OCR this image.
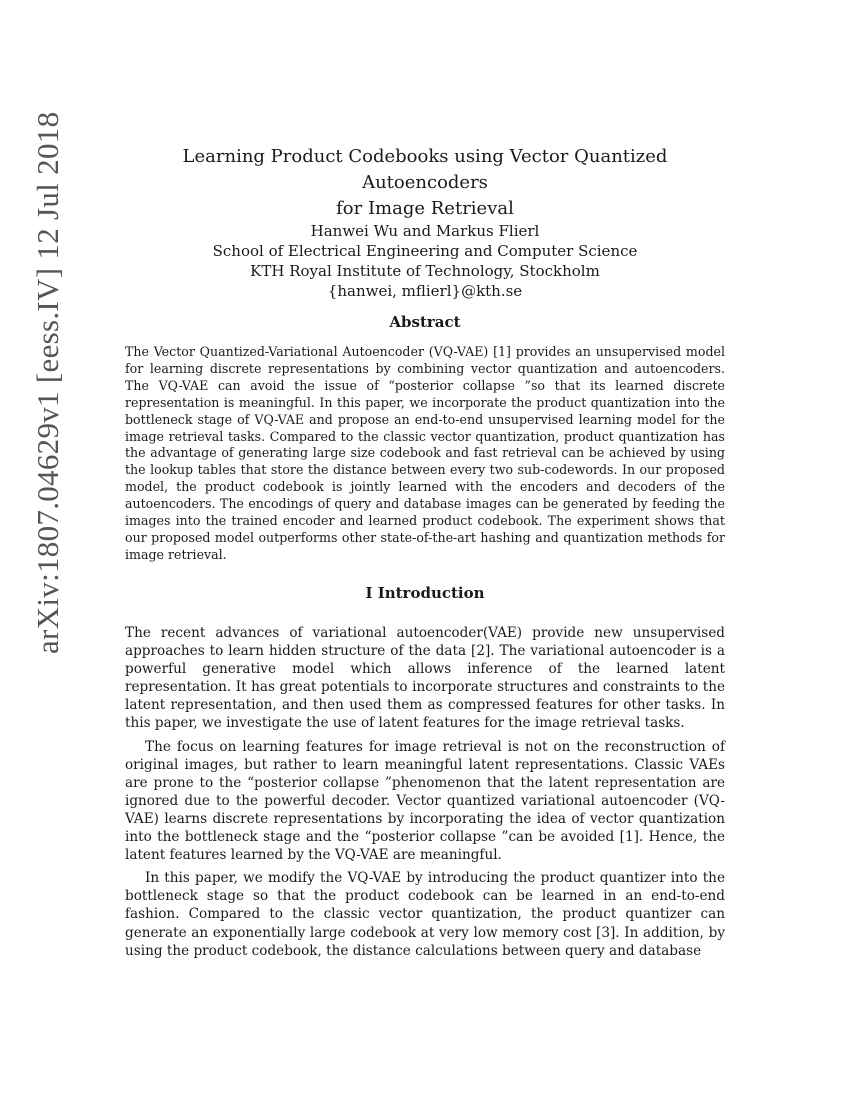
arXiv:1807.04629v1 [eess.IV] 12 Jul 2018	Learning Product Codebooks using Vector Quantized Autoencoders
for Image Retrieval
Hanwei Wu and Markus Flierl
School of Electrical Engineering and Computer Science
KTH Royal Institute of Technology, Stockholm
{hanwei, mflierl}@kth.se
Abstract

The Vector Quantized-Variational Autoencoder (VQ-VAE) [1] provides an unsupervised model for learning discrete representations by combining vector quantization and autoencoders. The VQ-VAE can avoid the issue of “posterior collapse ”so that its learned discrete representation is meaningful. In this paper, we incorporate the product quantization into the bottleneck stage of VQ-VAE and propose an end-to-end unsupervised learning model for the image retrieval tasks. Compared to the classic vector quantization, product quantization has the advantage of generating large size codebook and fast retrieval can be achieved by using the lookup tables that store the distance between every two sub-codewords. In our proposed model, the product codebook is jointly learned with the encoders and decoders of the autoencoders. The encodings of query and database images can be generated by feeding the images into the trained encoder and learned product codebook. The experiment shows that our proposed model outperforms other state-of-the-art hashing and quantization methods for image retrieval.

I Introduction

The recent advances of variational autoencoder(VAE) provide new unsupervised approaches to learn hidden structure of the data [2]. The variational autoencoder is a powerful generative model which allows inference of the learned latent representation. It has great potentials to incorporate structures and constraints to the latent representation, and then used them as compressed features for other tasks. In this paper, we investigate the use of latent features for the image retrieval tasks.

The focus on learning features for image retrieval is not on the reconstruction of original images, but rather to learn meaningful latent representations. Classic VAEs are prone to the “posterior collapse ”phenomenon that the latent representation are ignored due to the powerful decoder. Vector quantized variational autoencoder (VQ-VAE) learns discrete representations by incorporating the idea of vector quantization into the bottleneck stage and the “posterior collapse ”can be avoided [1]. Hence, the latent features learned by the VQ-VAE are meaningful.

In this paper, we modify the VQ-VAE by introducing the product quantizer into the bottleneck stage so that the product codebook can be learned in an end-to-end fashion. Compared to the classic vector quantization, the product quantizer can generate an exponentially large codebook at very low memory cost [3]. In addition, by using the product codebook, the distance calculations between query and database
